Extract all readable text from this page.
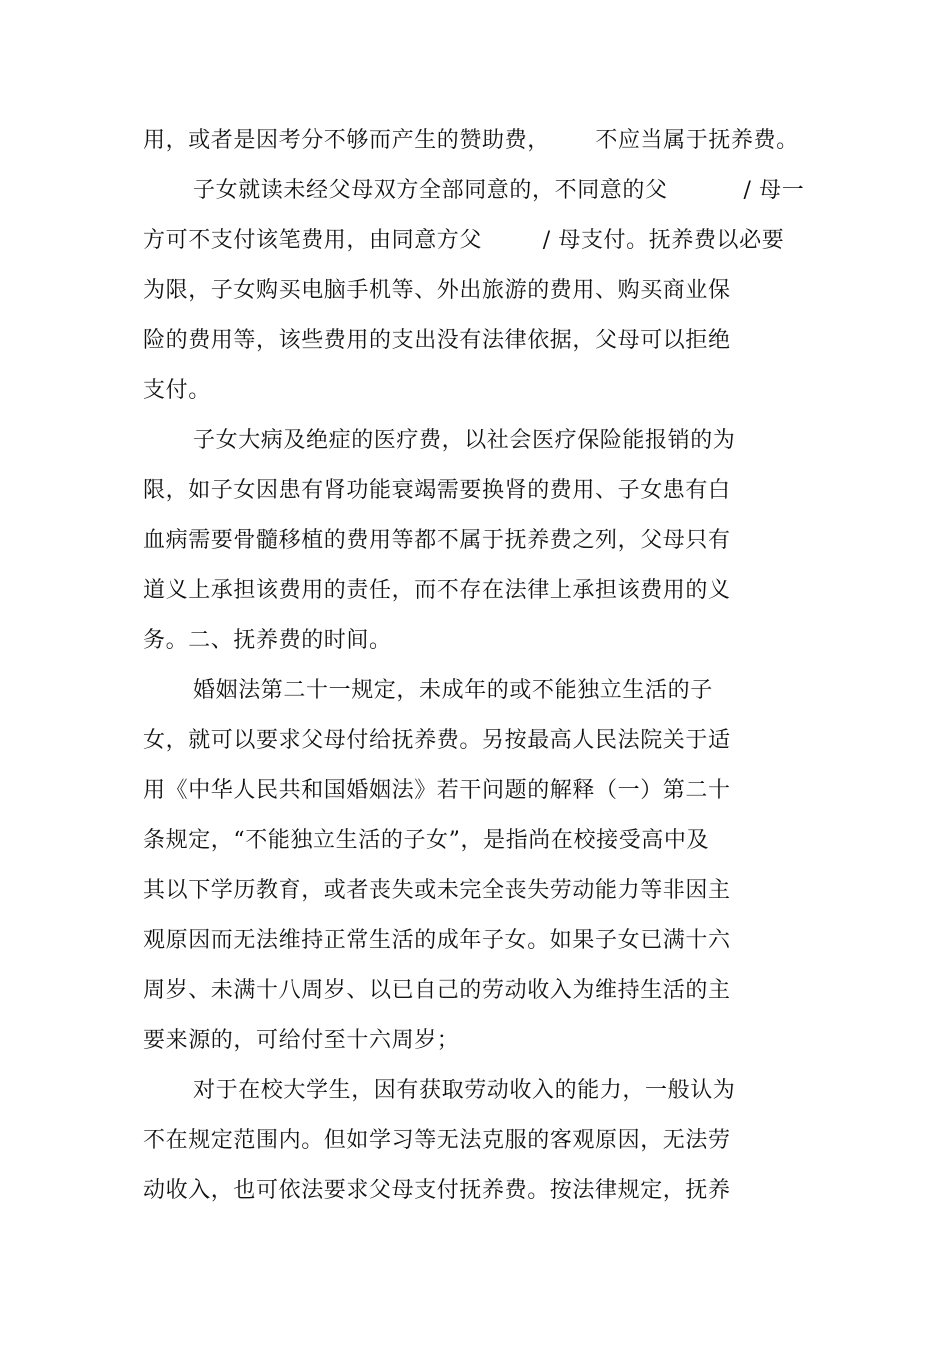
用，或者是因考分不够而产生的赞助费，      不应当属于抚养费。
子女就读未经父母双方全部同意的，不同意的父          / 母一
方可不支付该笔费用，由同意方父        / 母支付。抚养费以必要
为限，子女购买电脑手机等、外出旅游的费用、购买商业保
险的费用等，该些费用的支出没有法律依据，父母可以拒绝
支付。
子女大病及绝症的医疗费，以社会医疗保险能报销的为
限，如子女因患有肾功能衰竭需要换肾的费用、子女患有白
血病需要骨髓移植的费用等都不属于抚养费之列，父母只有
道义上承担该费用的责任，而不存在法律上承担该费用的义
务。二、抚养费的时间。
婚姻法第二十一规定，未成年的或不能独立生活的子
女，就可以要求父母付给抚养费。另按最高人民法院关于适
用《中华人民共和国婚姻法》若干问题的解释（一）第二十
条规定，“不能独立生活的子女”，是指尚在校接受高中及
其以下学历教育，或者丧失或未完全丧失劳动能力等非因主
观原因而无法维持正常生活的成年子女。如果子女已满十六
周岁、未满十八周岁、以已自己的劳动收入为维持生活的主
要来源的，可给付至十六周岁；
对于在校大学生，因有获取劳动收入的能力，一般认为
不在规定范围内。但如学习等无法克服的客观原因，无法劳
动收入，也可依法要求父母支付抚养费。按法律规定，抚养
